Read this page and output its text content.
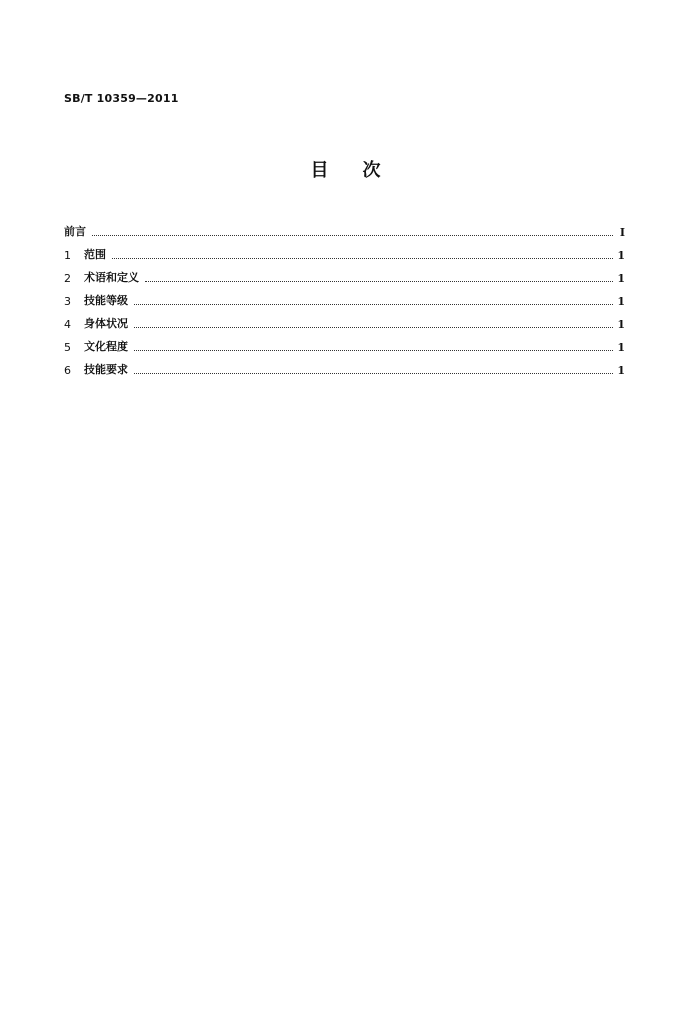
SB/T 10359—2011
目次
前言	Ⅰ
1	范围	1
2	术语和定义	1
3	技能等级	1
4	身体状况	1
5	文化程度	1
6	技能要求	1
